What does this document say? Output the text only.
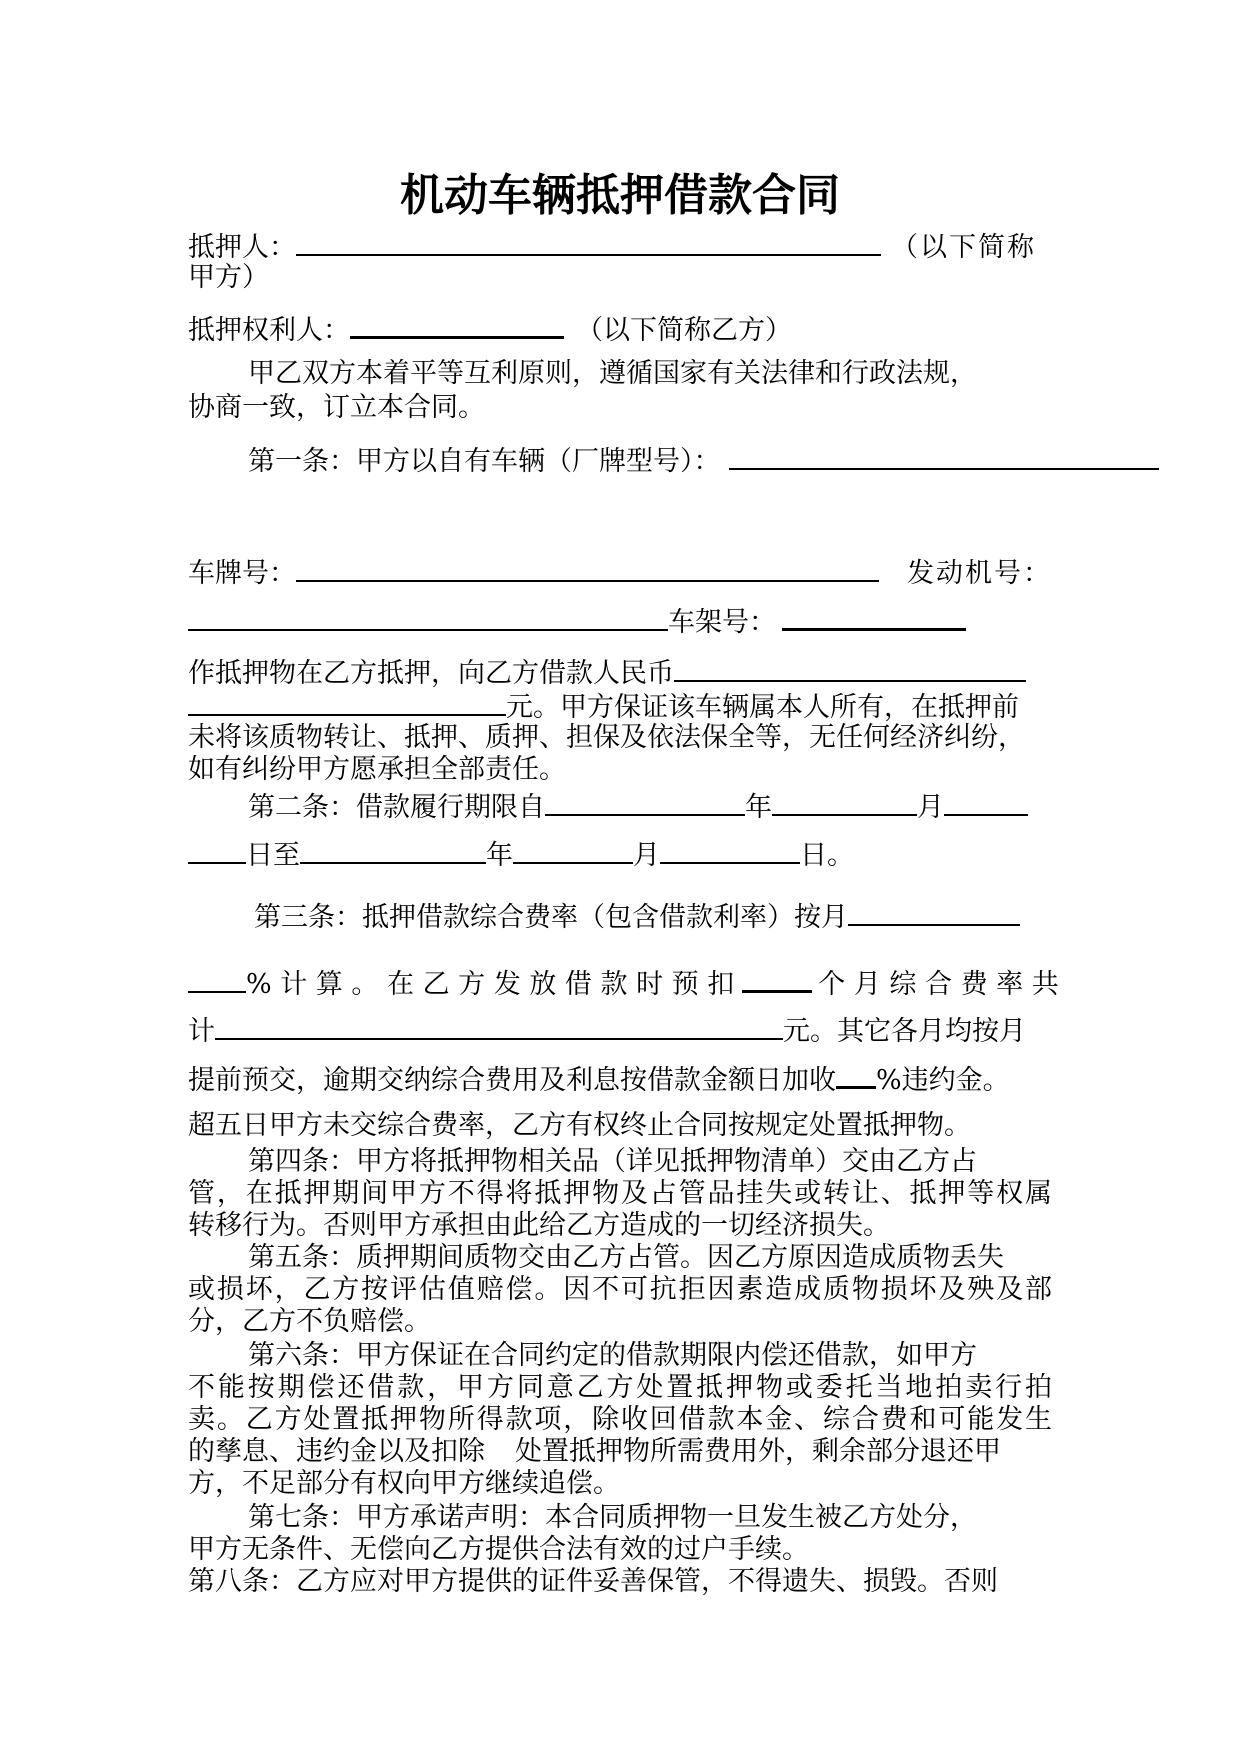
机动车辆抵押借款合同
抵押人：	（以下简称
甲方）
抵押权利人：	（以下简称乙方）
甲乙双方本着平等互利原则，遵循国家有关法律和行政法规，
协商一致，订立本合同。
第一条：甲方以自有车辆（厂牌型号）：
车牌号：	发动机号：
车架号：
作抵押物在乙方抵押，向乙方借款人民币
元。甲方保证该车辆属本人所有，在抵押前
未将该质物转让、抵押、质押、担保及依法保全等，无任何经济纠纷，
如有纠纷甲方愿承担全部责任。
第二条：借款履行期限自	年	月
日至	年	月	日。
第三条：抵押借款综合费率（包含借款利率）按月
% 计 算 。 在 乙 方 发 放 借 款 时 预 扣	个 月 综 合 费 率 共
计	元。其它各月均按月
提前预交，逾期交纳综合费用及利息按借款金额日加收 %违约金。
超五日甲方未交综合费率，乙方有权终止合同按规定处置抵押物。
第四条：甲方将抵押物相关品（详见抵押物清单）交由乙方占
管，在抵押期间甲方不得将抵押物及占管品挂失或转让、抵押等权属
转移行为。否则甲方承担由此给乙方造成的一切经济损失。
第五条：质押期间质物交由乙方占管。因乙方原因造成质物丢失
或损坏，乙方按评估值赔偿。因不可抗拒因素造成质物损坏及殃及部
分，乙方不负赔偿。
第六条：甲方保证在合同约定的借款期限内偿还借款，如甲方
不能按期偿还借款，甲方同意乙方处置抵押物或委托当地拍卖行拍
卖。乙方处置抵押物所得款项，除收回借款本金、综合费和可能发生
的孳息、违约金以及扣除 处置抵押物所需费用外，剩余部分退还甲
方，不足部分有权向甲方继续追偿。
第七条：甲方承诺声明：本合同质押物一旦发生被乙方处分，
甲方无条件、无偿向乙方提供合法有效的过户手续。
第八条：乙方应对甲方提供的证件妥善保管，不得遗失、损毁。否则
